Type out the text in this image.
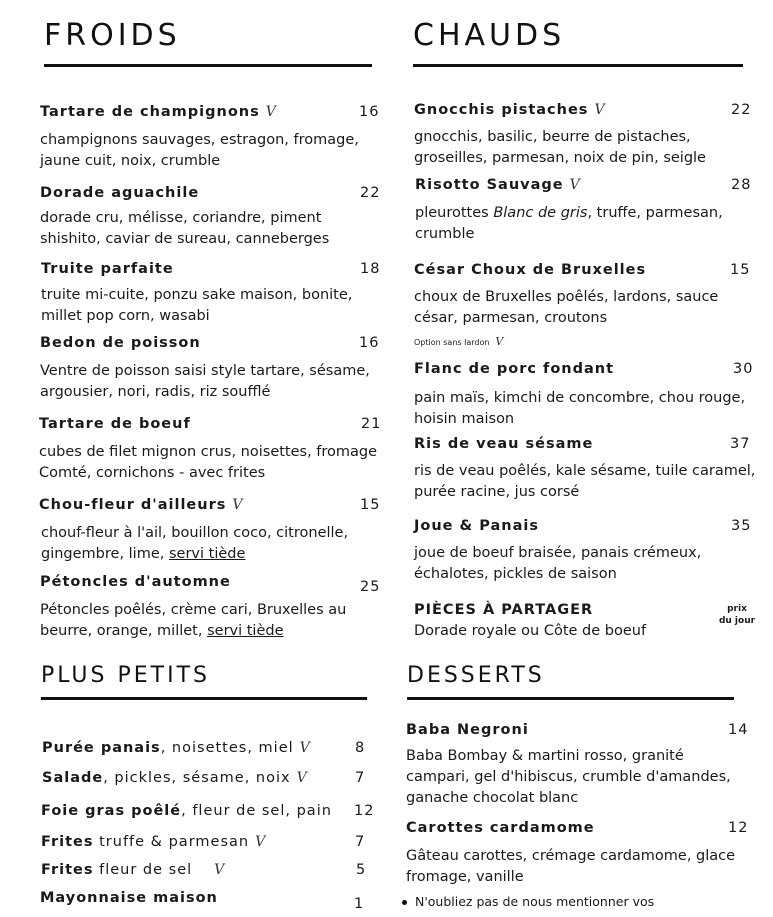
FROIDS	CHAUDS
Tartare de champignons V	16
champignons sauvages, estragon, fromage, jaune cuit, noix, crumble
Dorade aguachile	22
dorade cru, mélisse, coriandre, piment shishito, caviar de sureau, canneberges
Truite parfaite	18
truite mi-cuite, ponzu sake maison, bonite, millet pop corn, wasabi
Bedon de poisson	16
Ventre de poisson saisi style tartare, sésame, argousier, nori, radis, riz soufflé
Tartare de boeuf	21
cubes de filet mignon crus, noisettes, fromage Comté, cornichons - avec frites
Chou-fleur d'ailleurs V	15
chouf-fleur à l'ail, bouillon coco, citronelle, gingembre, lime, servi tiède
Pétoncles d'automne	25
Pétoncles poêlés, crème cari, Bruxelles au beurre, orange, millet, servi tiède
Gnocchis pistaches V	22
gnocchis, basilic, beurre de pistaches, groseilles, parmesan, noix de pin, seigle
Risotto Sauvage V	28
pleurottes Blanc de gris, truffe, parmesan, crumble
César Choux de Bruxelles	15
choux de Bruxelles poêlés, lardons, sauce césar, parmesan, croutons
Option sans lardon V
Flanc de porc fondant	30
pain maïs, kimchi de concombre, chou rouge, hoisin maison
Ris de veau sésame	37
ris de veau poêlés, kale sésame, tuile caramel, purée racine, jus corsé
Joue & Panais	35
joue de boeuf braisée, panais crémeux, échalotes, pickles de saison
PIÈCES À PARTAGER	prix
du jour
Dorade royale ou Côte de boeuf
PLUS PETITS
Purée panais, noisettes, miel V	8
Salade, pickles, sésame, noix V	7
Foie gras poêlé, fleur de sel, pain 12
Frites truffe & parmesan V	7
Frites fleur de sel V	5
Mayonnaise maison	1
DESSERTS
Baba Negroni	14
Baba Bombay & martini rosso, granité campari, gel d'hibiscus, crumble d'amandes, ganache chocolat blanc
Carottes cardamome	12
Gâteau carottes, crémage cardamome, glace fromage, vanille
N'oubliez pas de nous mentionner vos
